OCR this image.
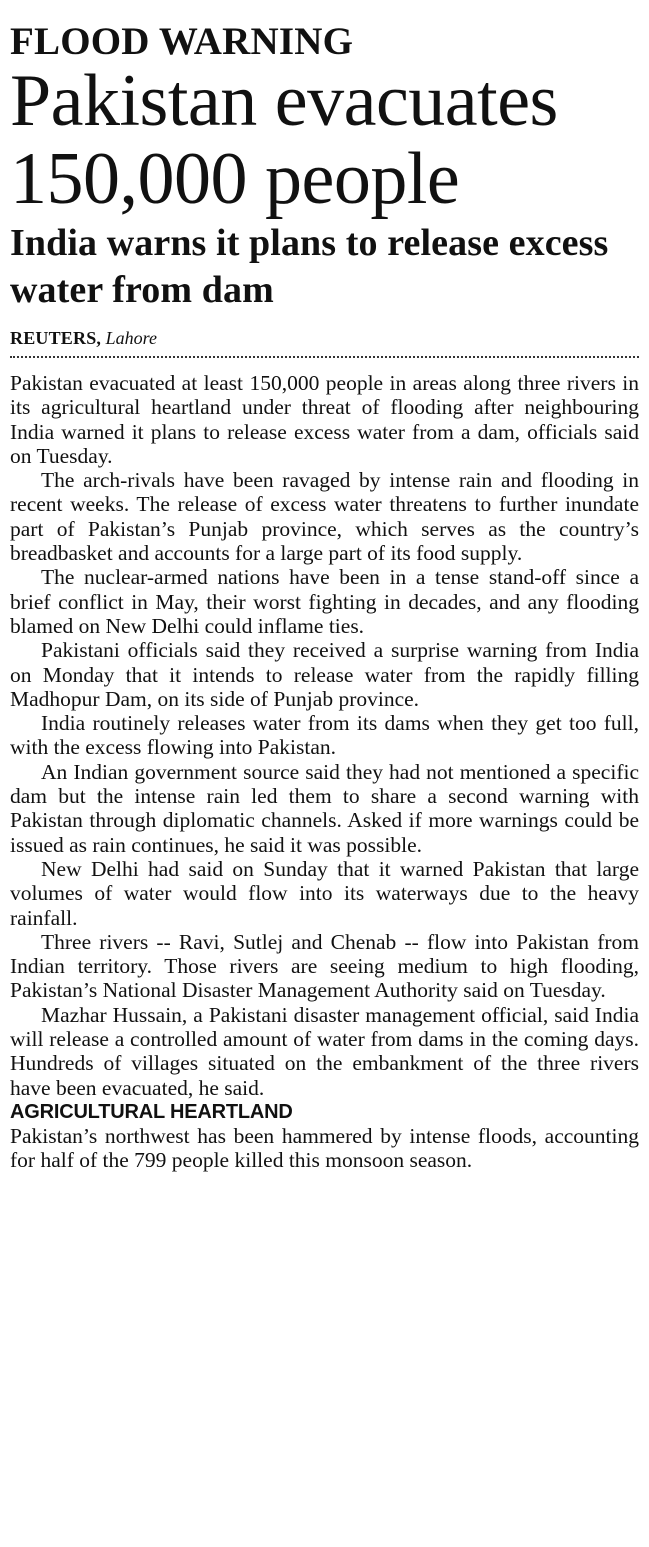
FLOOD WARNING
Pakistan evacuates 150,000 people
India warns it plans to release excess water from dam
REUTERS, Lahore

Pakistan evacuated at least 150,000 people in areas along three rivers in its agricultural heartland under threat of flooding after neighbouring India warned it plans to release excess water from a dam, officials said on Tuesday.

The arch-rivals have been ravaged by intense rain and flooding in recent weeks. The release of excess water threatens to further inundate part of Pakistan’s Punjab province, which serves as the country’s breadbasket and accounts for a large part of its food supply.

The nuclear-armed nations have been in a tense stand-off since a brief conflict in May, their worst fighting in decades, and any flooding blamed on New Delhi could inflame ties.

Pakistani officials said they received a surprise warning from India on Monday that it intends to release water from the rapidly filling Madhopur Dam, on its side of Punjab province.

India routinely releases water from its dams when they get too full, with the excess flowing into Pakistan.

An Indian government source said they had not mentioned a specific dam but the intense rain led them to share a second warning with Pakistan through diplomatic channels. Asked if more warnings could be issued as rain continues, he said it was possible.

New Delhi had said on Sunday that it warned Pakistan that large volumes of water would flow into its waterways due to the heavy rainfall.

Three rivers -- Ravi, Sutlej and Chenab -- flow into Pakistan from Indian territory. Those rivers are seeing medium to high flooding, Pakistan’s National Disaster Management Authority said on Tuesday.

Mazhar Hussain, a Pakistani disaster management official, said India will release a controlled amount of water from dams in the coming days. Hundreds of villages situated on the embankment of the three rivers have been evacuated, he said.

AGRICULTURAL HEARTLAND

Pakistan’s northwest has been hammered by intense floods, accounting for half of the 799 people killed this monsoon season.
